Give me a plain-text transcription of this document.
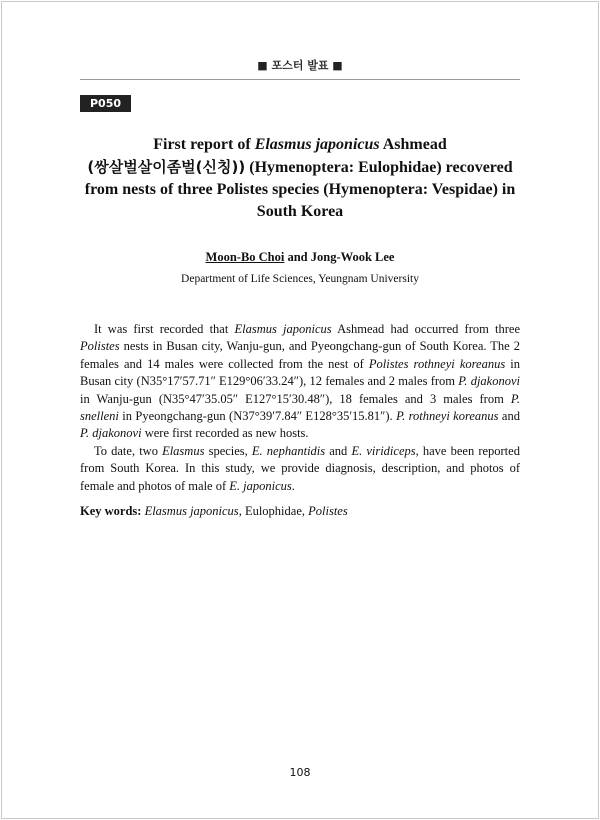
■ 포스터 발표 ■
P050
First report of Elasmus japonicus Ashmead
(쌍살벌살이좀벌(신칭)) (Hymenoptera: Eulophidae) recovered from nests of three Polistes species (Hymenoptera: Vespidae) in South Korea
Moon-Bo Choi and Jong-Wook Lee
Department of Life Sciences, Yeungnam University

It was first recorded that Elasmus japonicus Ashmead had occurred from three Polistes nests in Busan city, Wanju-gun, and Pyeongchang-gun of South Korea. The 2 females and 14 males were collected from the nest of Polistes rothneyi koreanus in Busan city (N35°17′57.71″ E129°06′33.24″), 12 females and 2 males from P. djakonovi in Wanju-gun (N35°47′35.05″ E127°15′30.48″), 18 females and 3 males from P. snelleni in Pyeongchang-gun (N37°39′7.84″ E128°35′15.81″). P. rothneyi koreanus and P. djakonovi were first recorded as new hosts.

To date, two Elasmus species, E. nephantidis and E. viridiceps, have been reported from South Korea. In this study, we provide diagnosis, description, and photos of female and photos of male of E. japonicus.

Key words: Elasmus japonicus, Eulophidae, Polistes
108
